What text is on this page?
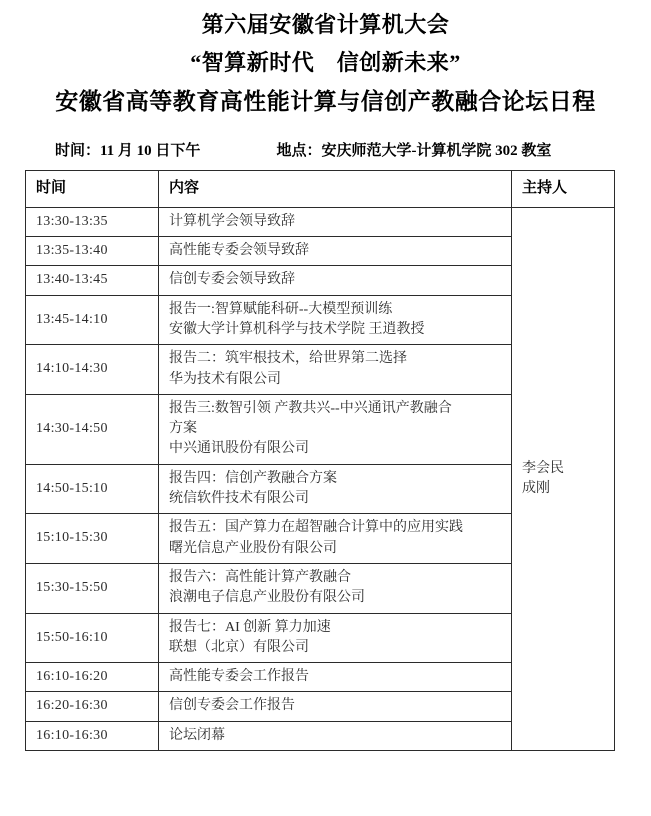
第六届安徽省计算机大会
“智算新时代　信创新未来”
安徽省高等教育高性能计算与信创产教融合论坛日程
时间：11 月 10 日下午	地点：安庆师范大学-计算机学院 302 教室
时间	内容	主持人
13:30-13:35	计算机学会领导致辞	李会民
成刚

13:35-13:40	高性能专委会领导致辞	

13:40-13:45	信创专委会领导致辞	

13:45-14:10	报告一:智算赋能科研--大模型预训练
安徽大学计算机科学与技术学院 王逍教授	

14:10-14:30	报告二：筑牢根技术，给世界第二选择
华为技术有限公司	

14:30-14:50	报告三:数智引领 产教共兴--中兴通讯产教融合
方案
中兴通讯股份有限公司	

14:50-15:10	报告四：信创产教融合方案
统信软件技术有限公司	

15:10-15:30	报告五：国产算力在超智融合计算中的应用实践
曙光信息产业股份有限公司	

15:30-15:50	报告六：高性能计算产教融合
浪潮电子信息产业股份有限公司	

15:50-16:10	报告七：AI 创新 算力加速
联想（北京）有限公司	

16:10-16:20	高性能专委会工作报告	

16:20-16:30	信创专委会工作报告	

16:10-16:30	论坛闭幕	
